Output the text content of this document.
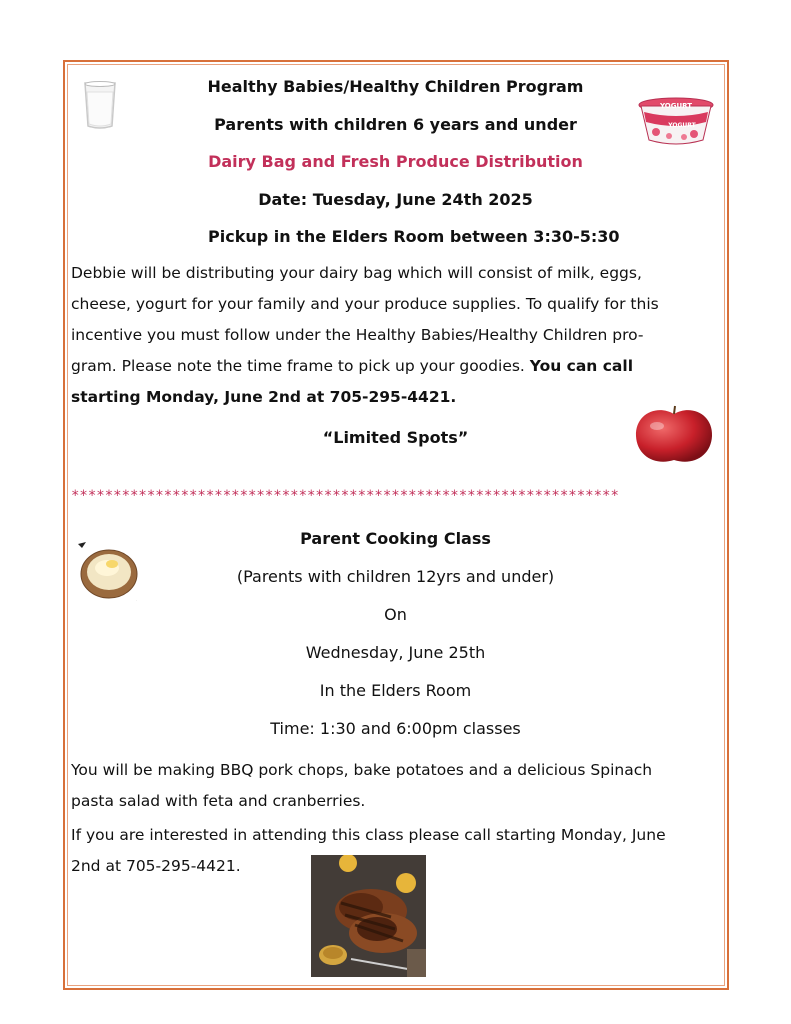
YOGURT
YOGURT
.
Healthy Babies/Healthy Children Program
Parents with children 6 years and under
Dairy Bag and Fresh Produce Distribution
Date: Tuesday, June 24th 2025
Pickup in the Elders Room between 3:30-5:30
Debbie will be distributing your dairy bag which will consist of milk, eggs,
cheese, yogurt for your family and your produce supplies. To qualify for this
incentive you must follow under the Healthy Babies/Healthy Children pro-
gram. Please note the time frame to pick up your goodies. You can call
starting Monday, June 2nd at 705-295-4421.
“Limited Spots”
*****************************************************************
Parent Cooking Class
(Parents with children 12yrs and under)
On
Wednesday, June 25th
In the Elders Room
Time: 1:30 and 6:00pm classes
You will be making BBQ pork chops, bake potatoes and a delicious Spinach
pasta salad with feta and cranberries.
If you are interested in attending this class please call starting Monday, June
2nd at 705-295-4421.
